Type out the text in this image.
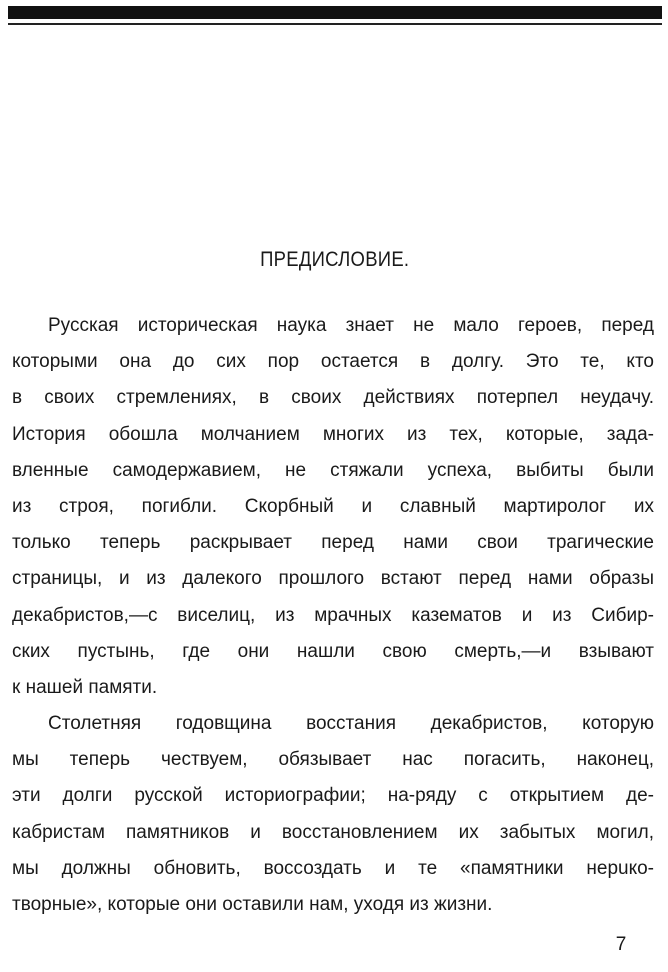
ПРЕДИСЛОВИЕ.
Русская историческая наука знает не мало героев, перед
которыми она до сих пор остается в долгу. Это те, кто
в своих стремлениях, в своих действиях потерпел неудачу.
История обошла молчанием многих из тех, которые, зада-
вленные самодержавием, не стяжали успеха, выбиты были
из строя, погибли. Скорбный и славный мартиролог их
только теперь раскрывает перед нами свои трагические
страницы, и из далекого прошлого встают перед нами образы
декабристов,—с виселиц, из мрачных казематов и из Сибир-
ских пустынь, где они нашли свою смерть,—и взывают
к нашей памяти.
Столетняя годовщина восстания декабристов, которую
мы теперь чествуем, обязывает нас погасить, наконец,
эти долги русской историографии; на-ряду с открытием де-
кабристам памятников и восстановлением их забытых могил,
мы должны обновить, воссоздать и те «памятники нерuко-
творные», которые они оставили нам, уходя из жизни.
7
